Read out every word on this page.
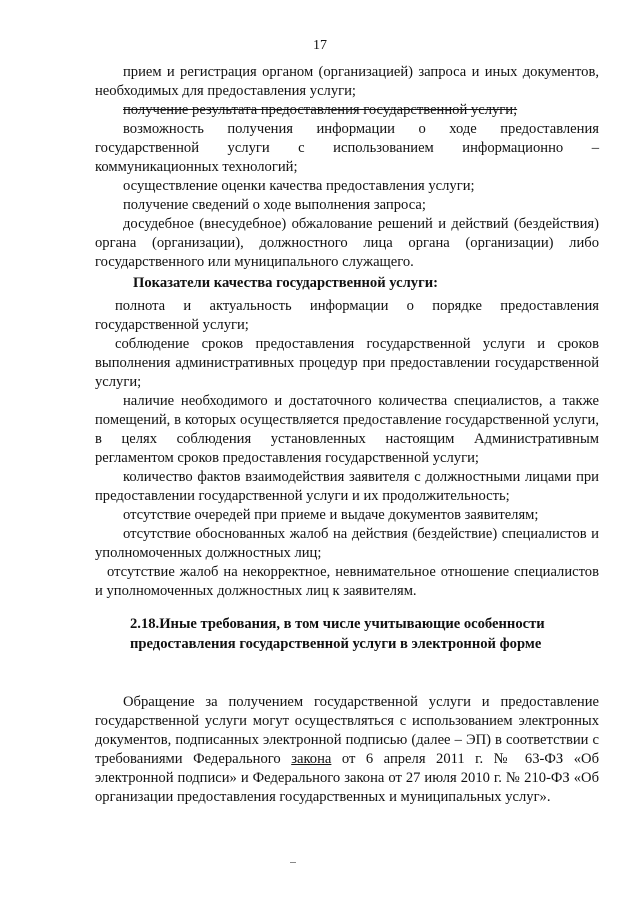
17

прием и регистрация органом (организацией) запроса и иных документов, необходимых для предоставления услуги;

получение результата предоставления государственной услуги;

возможность получения информации о ходе предоставления государственной услуги с использованием информационно – коммуникационных технологий;

осуществление оценки качества предоставления услуги;

получение сведений о ходе выполнения запроса;

досудебное (внесудебное) обжалование решений и действий (бездействия) органа (организации), должностного лица органа (организации) либо государственного или муниципального служащего.

Показатели качества государственной услуги:

полнота и актуальность информации о порядке предоставления государственной услуги;

соблюдение сроков предоставления государственной услуги и сроков выполнения административных процедур при предоставлении государственной услуги;

наличие необходимого и достаточного количества специалистов, а также помещений, в которых осуществляется предоставление государственной услуги, в целях соблюдения установленных настоящим Административным регламентом сроков предоставления государственной услуги;

количество фактов взаимодействия заявителя с должностными лицами при предоставлении государственной услуги и их продолжительность;

отсутствие очередей при приеме и выдаче документов заявителям;

отсутствие обоснованных жалоб на действия (бездействие) специалистов и уполномоченных должностных лиц;

отсутствие жалоб на некорректное, невнимательное отношение специалистов и уполномоченных должностных лиц к заявителям.

2.18.Иные требования, в том числе учитывающие особенности
предоставления государственной услуги в электронной форме

Обращение за получением государственной услуги и предоставление государственной услуги могут осуществляться с использованием электронных документов, подписанных электронной подписью (далее – ЭП) в соответствии с требованиями Федерального закона от 6 апреля 2011 г. № 63-ФЗ «Об электронной подписи» и Федерального закона от 27 июля 2010 г. № 210-ФЗ «Об организации предоставления государственных и муниципальных услуг».
